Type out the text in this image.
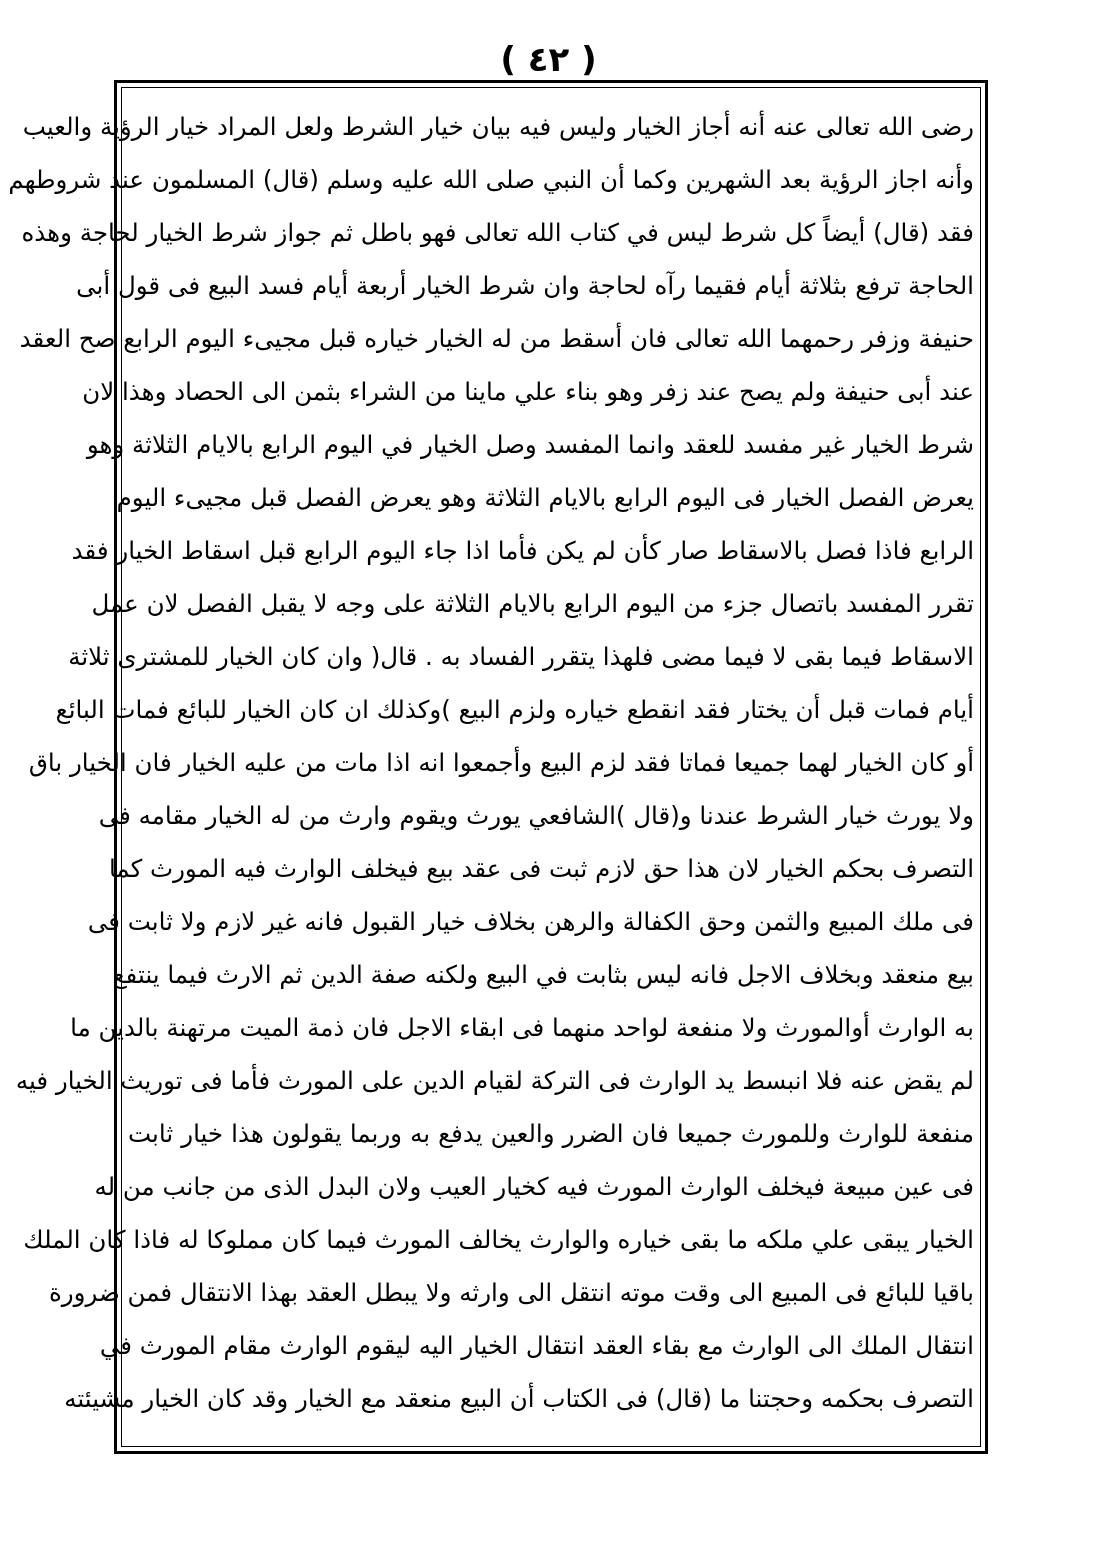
( ٤٢ )
رضى الله تعالى عنه أنه أجاز الخيار وليس فيه بيان خيار الشرط ولعل المراد خيار الرؤية والعيب
وأنه اجاز الرؤية بعد الشهرين وكما أن النبي صلى الله عليه وسلم (قال) المسلمون عند شروطهم
فقد (قال) أيضاً كل شرط ليس في كتاب الله تعالى فهو باطل ثم جواز شرط الخيار لحاجة وهذه
الحاجة ترفع بثلاثة أيام فقيما رآه لحاجة وان شرط الخيار أربعة أيام فسد البيع فى قول أبى
حنيفة وزفر رحمهما الله تعالى فان أسقط من له الخيار خياره قبل مجيىء اليوم الرابع صح العقد
عند أبى حنيفة ولم يصح عند زفر وهو بناء علي ماينا من الشراء بثمن الى الحصاد وهذا لان
شرط الخيار غير مفسد للعقد وانما المفسد وصل الخيار في اليوم الرابع بالايام الثلاثة وهو
يعرض الفصل الخيار فى اليوم الرابع بالايام الثلاثة وهو يعرض الفصل قبل مجيىء اليوم
الرابع فاذا فصل بالاسقاط صار كأن لم يكن فأما اذا جاء اليوم الرابع قبل اسقاط الخيار فقد
تقرر المفسد باتصال جزء من اليوم الرابع بالايام الثلاثة على وجه لا يقبل الفصل لان عمل
الاسقاط فيما بقى لا فيما مضى فلهذا يتقرر الفساد به . قال( وان كان الخيار للمشترى ثلاثة
أيام فمات قبل أن يختار فقد انقطع خياره ولزم البيع )وكذلك ان كان الخيار للبائع فمات البائع
أو كان الخيار لهما جميعا فماتا فقد لزم البيع وأجمعوا انه اذا مات من عليه الخيار فان الخيار باق
ولا يورث خيار الشرط عندنا و(قال )الشافعي يورث ويقوم وارث من له الخيار مقامه فى
التصرف بحكم الخيار لان هذا حق لازم ثبت فى عقد بيع فيخلف الوارث فيه المورث كما
فى ملك المبيع والثمن وحق الكفالة والرهن بخلاف خيار القبول فانه غير لازم ولا ثابت فى
بيع منعقد وبخلاف الاجل فانه ليس بثابت في البيع ولكنه صفة الدين ثم الارث فيما ينتفع
به الوارث أوالمورث ولا منفعة لواحد منهما فى ابقاء الاجل فان ذمة الميت مرتهنة بالدين ما
لم يقض عنه فلا انبسط يد الوارث فى التركة لقيام الدين على المورث فأما فى توريث الخيار فيه
منفعة للوارث وللمورث جميعا فان الضرر والعين يدفع به وربما يقولون هذا خيار ثابت
فى عين مبيعة فيخلف الوارث المورث فيه كخيار العيب ولان البدل الذى من جانب من له
الخيار يبقى علي ملكه ما بقى خياره والوارث يخالف المورث فيما كان مملوكا له فاذا كان الملك
باقيا للبائع فى المبيع الى وقت موته انتقل الى وارثه ولا يبطل العقد بهذا الانتقال فمن ضرورة
انتقال الملك الى الوارث مع بقاء العقد انتقال الخيار اليه ليقوم الوارث مقام المورث في
التصرف بحكمه وحجتنا ما (قال) فى الكتاب أن البيع منعقد مع الخيار وقد كان الخيار مشيئته
